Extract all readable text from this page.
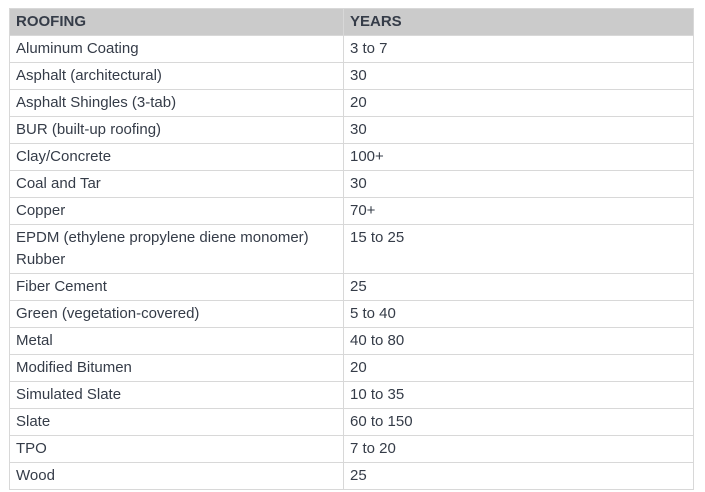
ROOFING	YEARS
Aluminum Coating	3 to 7
Asphalt (architectural)	30
Asphalt Shingles (3-tab)	20
BUR (built-up roofing)	30
Clay/Concrete	100+
Coal and Tar	30
Copper	70+
EPDM (ethylene propylene diene monomer) Rubber	15 to 25
Fiber Cement	25
Green (vegetation-covered)	5 to 40
Metal	40 to 80
Modified Bitumen	20
Simulated Slate	10 to 35
Slate	60 to 150
TPO	7 to 20
Wood	25
